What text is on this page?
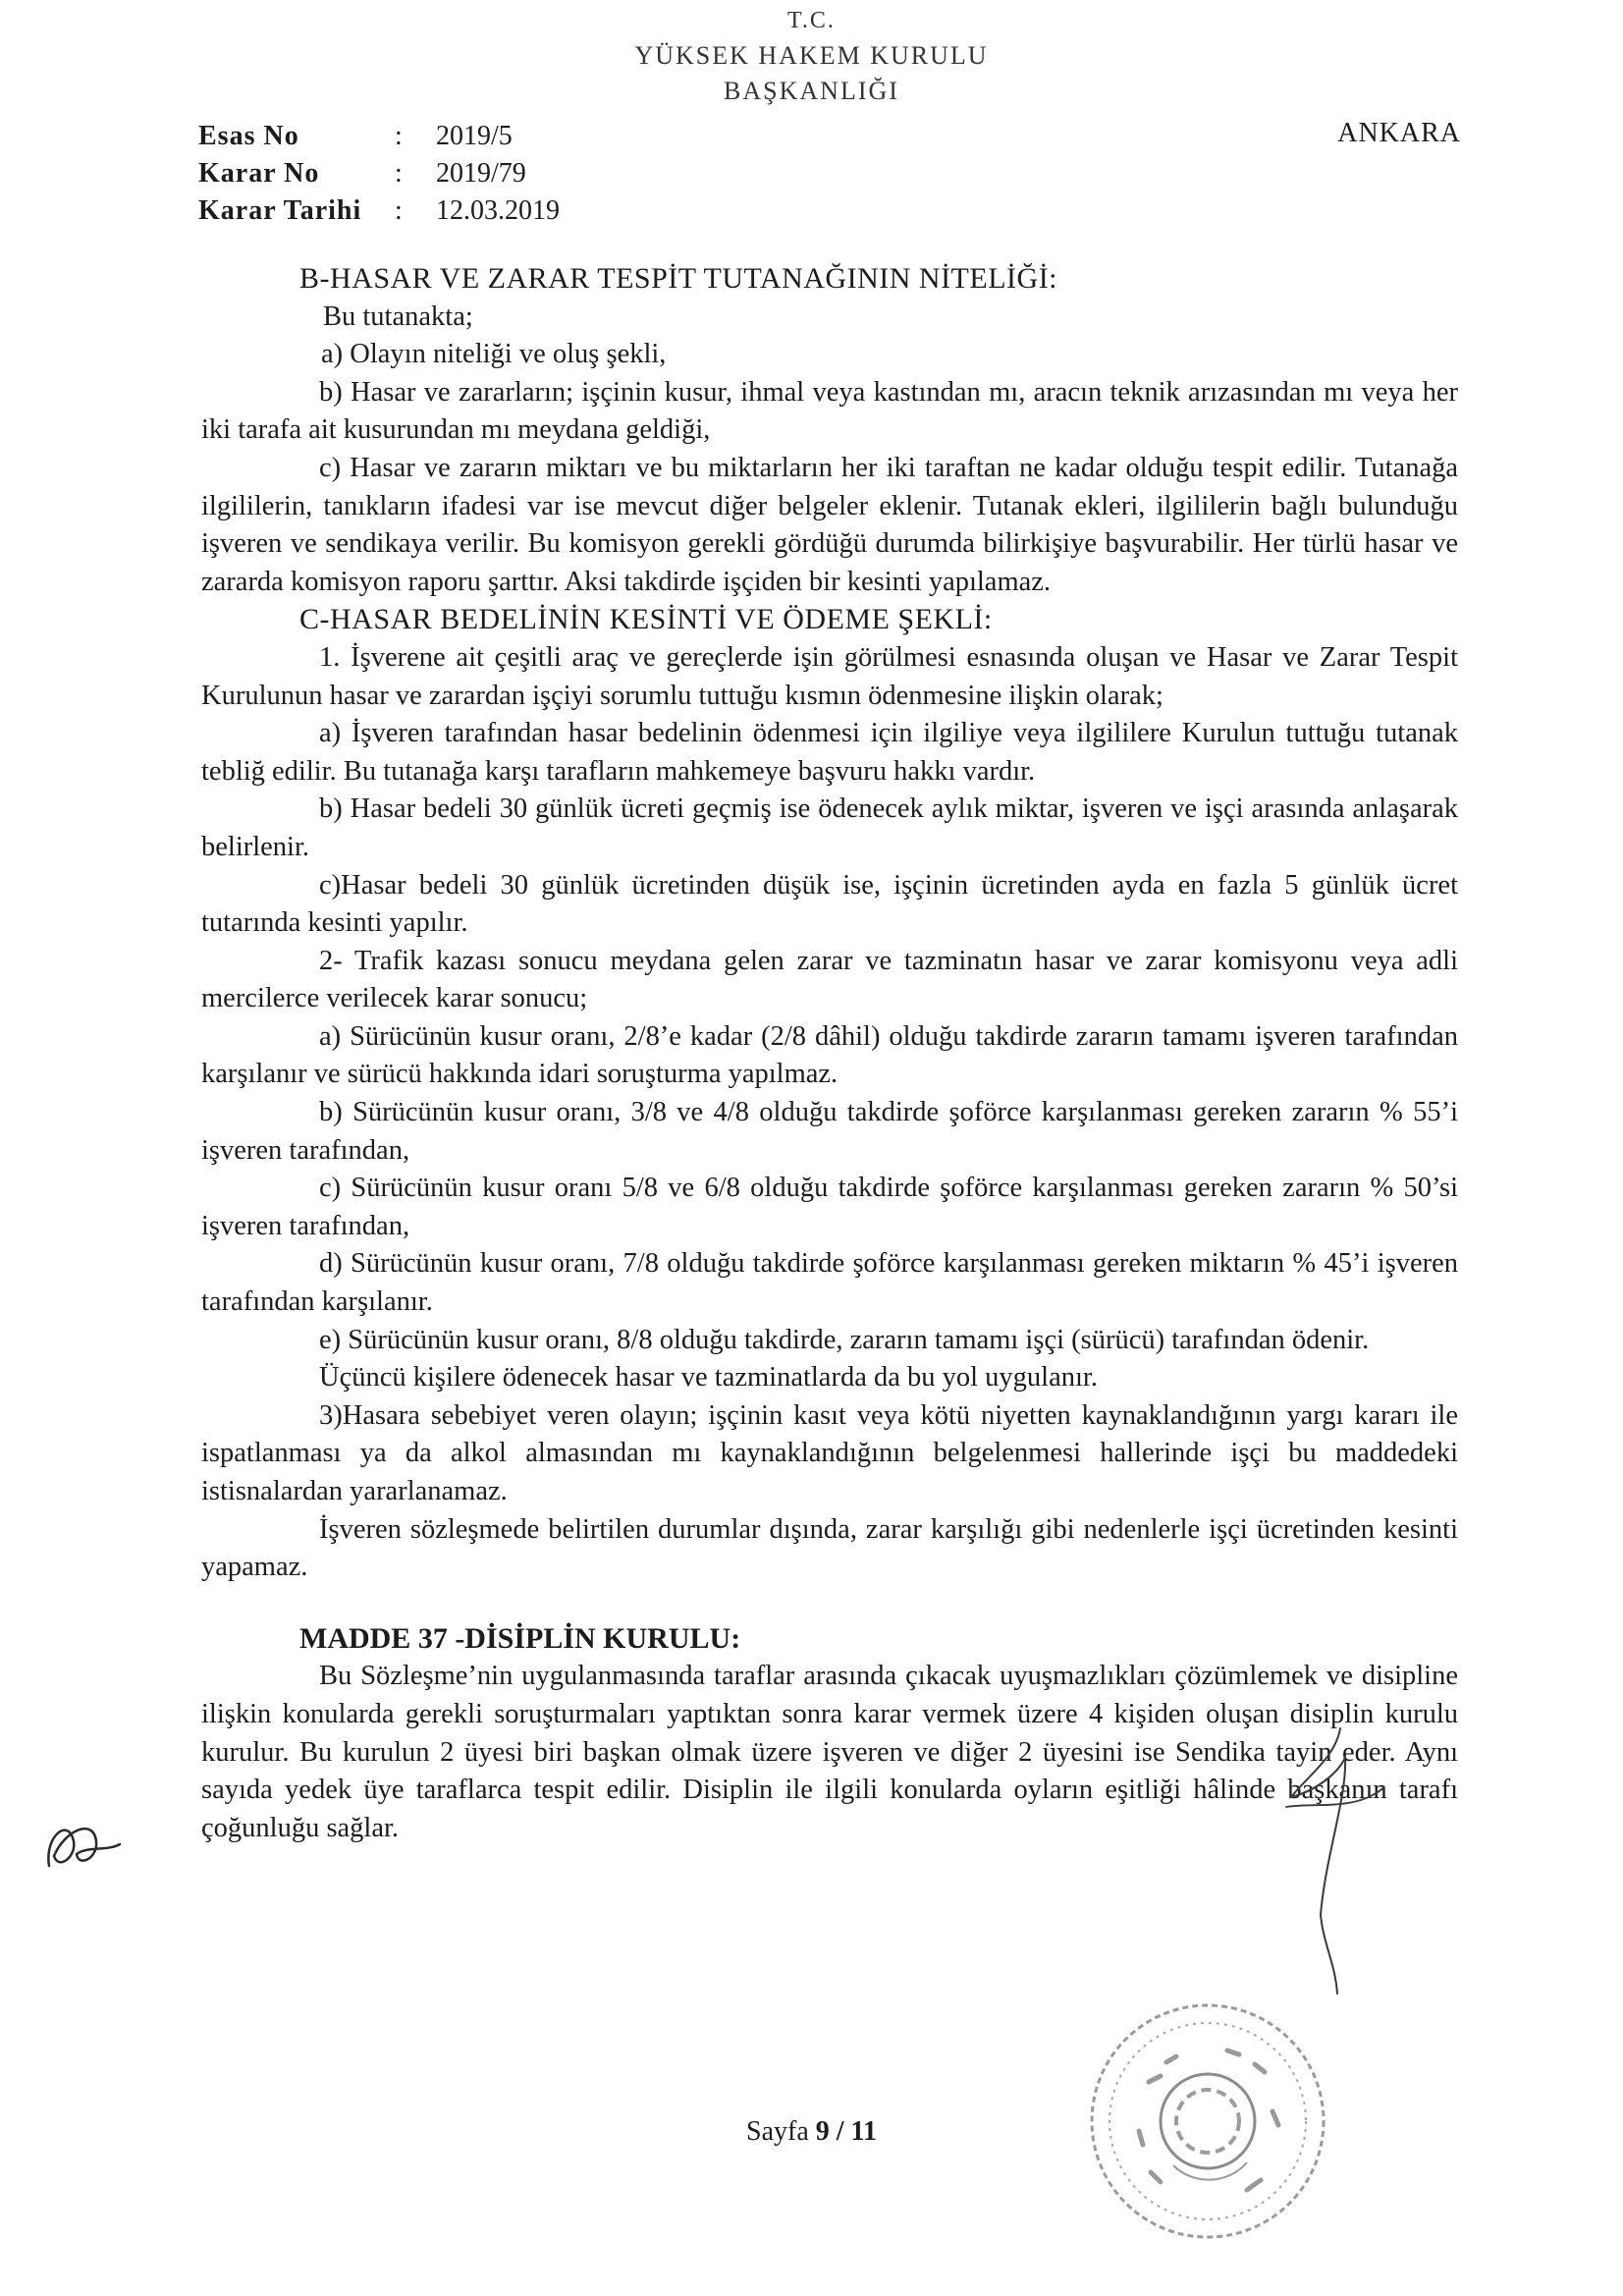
T.C.
YÜKSEK HAKEM KURULU
BAŞKANLIĞI
Esas No	:	2019/5
Karar No	:	2019/79
Karar Tarihi	:	12.03.2019
ANKARA

B-HASAR VE ZARAR TESPİT TUTANAĞININ NİTELİĞİ:

Bu tutanakta;

a) Olayın niteliği ve oluş şekli,

b) Hasar ve zararların; işçinin kusur, ihmal veya kastından mı, aracın teknik arızasından mı veya her iki tarafa ait kusurundan mı meydana geldiği,

c) Hasar ve zararın miktarı ve bu miktarların her iki taraftan ne kadar olduğu tespit edilir. Tutanağa ilgililerin, tanıkların ifadesi var ise mevcut diğer belgeler eklenir. Tutanak ekleri, ilgililerin bağlı bulunduğu işveren ve sendikaya verilir. Bu komisyon gerekli gördüğü durumda bilirkişiye başvurabilir. Her türlü hasar ve zararda komisyon raporu şarttır. Aksi takdirde işçiden bir kesinti yapılamaz.

C-HASAR BEDELİNİN KESİNTİ VE ÖDEME ŞEKLİ:

1. İşverene ait çeşitli araç ve gereçlerde işin görülmesi esnasında oluşan ve Hasar ve Zarar Tespit Kurulunun hasar ve zarardan işçiyi sorumlu tuttuğu kısmın ödenmesine ilişkin olarak;

a) İşveren tarafından hasar bedelinin ödenmesi için ilgiliye veya ilgililere Kurulun tuttuğu tutanak tebliğ edilir. Bu tutanağa karşı tarafların mahkemeye başvuru hakkı vardır.

b) Hasar bedeli 30 günlük ücreti geçmiş ise ödenecek aylık miktar, işveren ve işçi arasında anlaşarak belirlenir.

c)Hasar bedeli 30 günlük ücretinden düşük ise, işçinin ücretinden ayda en fazla 5 günlük ücret tutarında kesinti yapılır.

2- Trafik kazası sonucu meydana gelen zarar ve tazminatın hasar ve zarar komisyonu veya adli mercilerce verilecek karar sonucu;

a) Sürücünün kusur oranı, 2/8’e kadar (2/8 dâhil) olduğu takdirde zararın tamamı işveren tarafından karşılanır ve sürücü hakkında idari soruşturma yapılmaz.

b) Sürücünün kusur oranı, 3/8 ve 4/8 olduğu takdirde şoförce karşılanması gereken zararın % 55’i işveren tarafından,

c) Sürücünün kusur oranı 5/8 ve 6/8 olduğu takdirde şoförce karşılanması gereken zararın % 50’si işveren tarafından,

d) Sürücünün kusur oranı, 7/8 olduğu takdirde şoförce karşılanması gereken miktarın % 45’i işveren tarafından karşılanır.

e) Sürücünün kusur oranı, 8/8 olduğu takdirde, zararın tamamı işçi (sürücü) tarafından ödenir.

Üçüncü kişilere ödenecek hasar ve tazminatlarda da bu yol uygulanır.

3)Hasara sebebiyet veren olayın; işçinin kasıt veya kötü niyetten kaynaklandığının yargı kararı ile ispatlanması ya da alkol almasından mı kaynaklandığının belgelenmesi hallerinde işçi bu maddedeki istisnalardan yararlanamaz.

İşveren sözleşmede belirtilen durumlar dışında, zarar karşılığı gibi nedenlerle işçi ücretinden kesinti yapamaz.

MADDE 37 -DİSİPLİN KURULU:

Bu Sözleşme’nin uygulanmasında taraflar arasında çıkacak uyuşmazlıkları çözümlemek ve disipline ilişkin konularda gerekli soruşturmaları yaptıktan sonra karar vermek üzere 4 kişiden oluşan disiplin kurulu kurulur. Bu kurulun 2 üyesi biri başkan olmak üzere işveren ve diğer 2 üyesini ise Sendika tayin eder. Aynı sayıda yedek üye taraflarca tespit edilir. Disiplin ile ilgili konularda oyların eşitliği hâlinde başkanın tarafı çoğunluğu sağlar.

Sayfa 9 / 11
